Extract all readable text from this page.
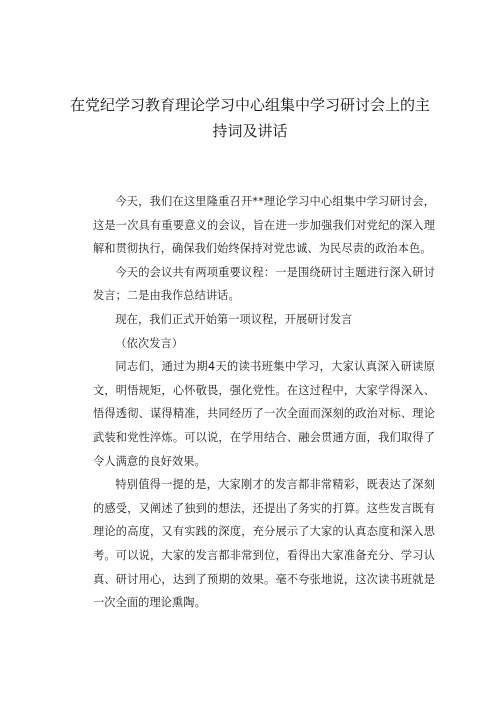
在党纪学习教育理论学习中心组集中学习研讨会上的主
持词及讲话

今天，我们在这里隆重召开**理论学习中心组集中学习研讨会，这是一次具有重要意义的会议，旨在进一步加强我们对党纪的深入理解和贯彻执行，确保我们始终保持对党忠诚、为民尽责的政治本色。

今天的会议共有两项重要议程：一是围绕研讨主题进行深入研讨发言；二是由我作总结讲话。

现在，我们正式开始第一项议程，开展研讨发言

（依次发言）

同志们，通过为期4天的读书班集中学习，大家认真深入研读原文，明悟规矩，心怀敬畏，强化党性。在这过程中，大家学得深入、悟得透彻、谋得精准，共同经历了一次全面而深刻的政治对标、理论武装和党性淬炼。可以说，在学用结合、融会贯通方面，我们取得了令人满意的良好效果。

特别值得一提的是，大家刚才的发言都非常精彩，既表达了深刻的感受，又阐述了独到的想法，还提出了务实的打算。这些发言既有理论的高度，又有实践的深度，充分展示了大家的认真态度和深入思考。可以说，大家的发言都非常到位，看得出大家准备充分、学习认真、研讨用心，达到了预期的效果。毫不夸张地说，这次读书班就是一次全面的理论熏陶。
